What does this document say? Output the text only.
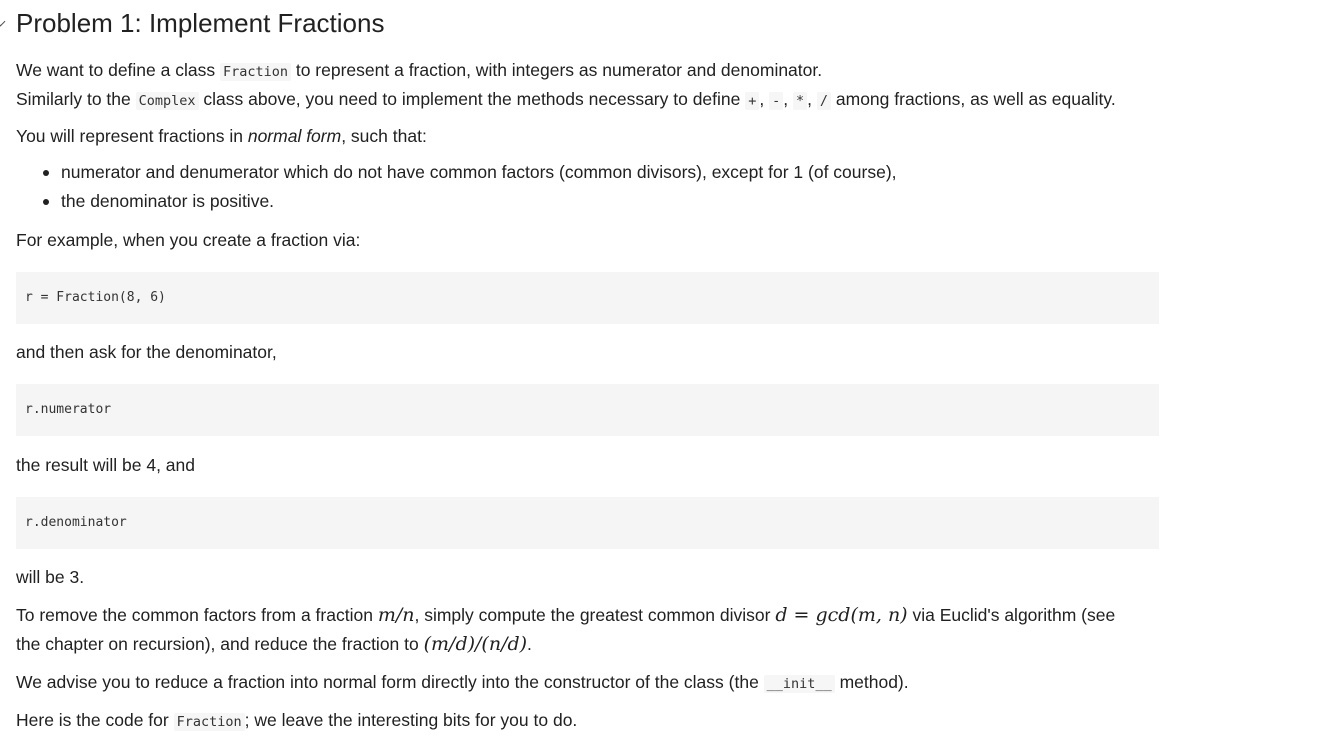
Problem 1: Implement Fractions

We want to define a class Fraction to represent a fraction, with integers as numerator and denominator.

Similarly to the Complex class above, you need to implement the methods necessary to define + , - , * , / among fractions, as well as equality.

You will represent fractions in normal form, such that:

numerator and denumerator which do not have common factors (common divisors), except for 1 (of course),
the denominator is positive.

For example, when you create a fraction via:

r = Fraction(8, 6)

and then ask for the denominator,

r.numerator

the result will be 4, and

r.denominator

will be 3.

To remove the common factors from a fraction m/n, simply compute the greatest common divisor d = gcd(m, n) via Euclid's algorithm (see

the chapter on recursion), and reduce the fraction to (m/d)/(n/d).

We advise you to reduce a fraction into normal form directly into the constructor of the class (the __init__ method).

Here is the code for Fraction ; we leave the interesting bits for you to do.
